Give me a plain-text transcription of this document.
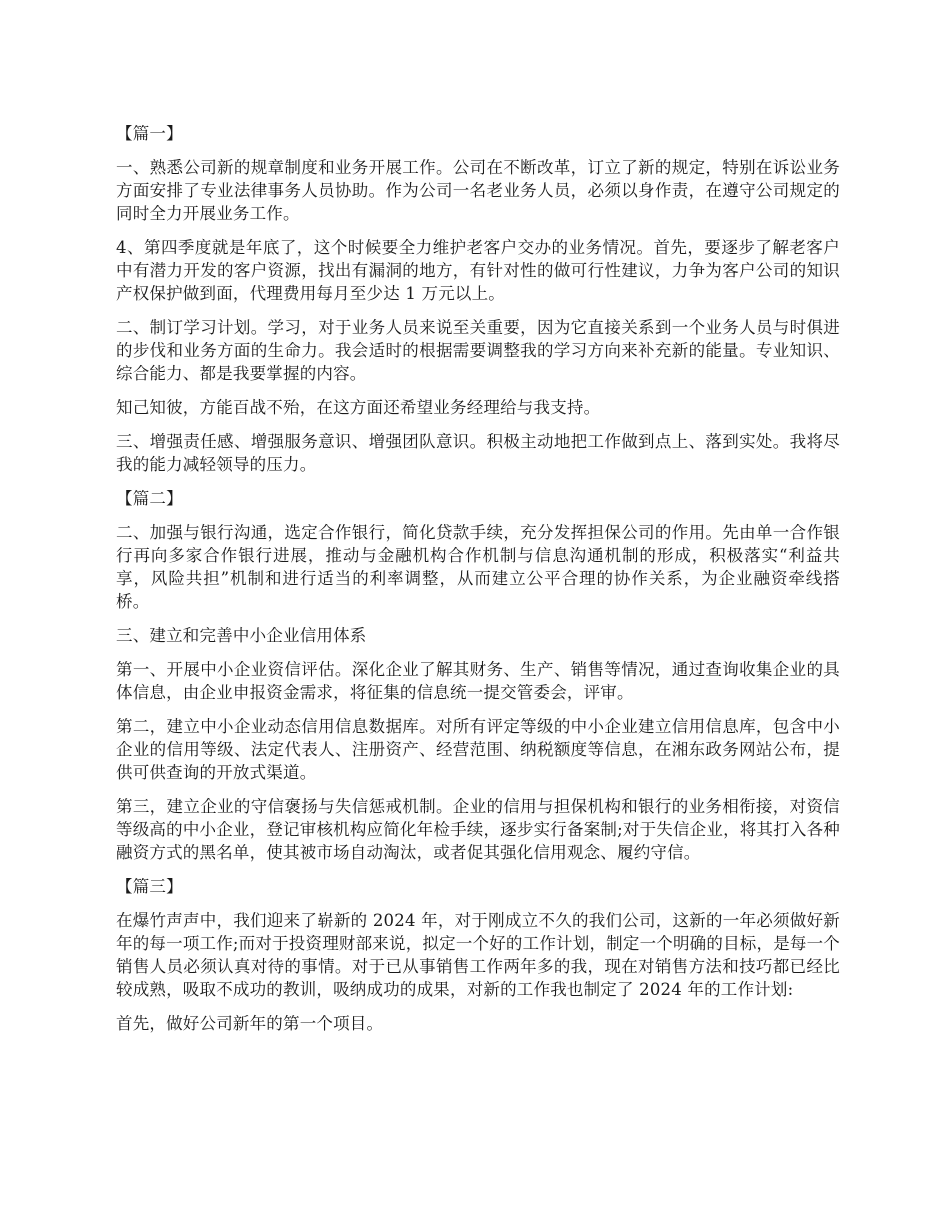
【篇一】

一、熟悉公司新的规章制度和业务开展工作。公司在不断改革，订立了新的规定，特别在诉讼业务方面安排了专业法律事务人员协助。作为公司一名老业务人员，必须以身作责，在遵守公司规定的同时全力开展业务工作。

4、第四季度就是年底了，这个时候要全力维护老客户交办的业务情况。首先，要逐步了解老客户中有潜力开发的客户资源，找出有漏洞的地方，有针对性的做可行性建议，力争为客户公司的知识产权保护做到面，代理费用每月至少达 1 万元以上。

二、制订学习计划。学习，对于业务人员来说至关重要，因为它直接关系到一个业务人员与时俱进的步伐和业务方面的生命力。我会适时的根据需要调整我的学习方向来补充新的能量。专业知识、综合能力、都是我要掌握的内容。

知己知彼，方能百战不殆，在这方面还希望业务经理给与我支持。

三、增强责任感、增强服务意识、增强团队意识。积极主动地把工作做到点上、落到实处。我将尽我的能力减轻领导的压力。

【篇二】

二、加强与银行沟通，选定合作银行，简化贷款手续，充分发挥担保公司的作用。先由单一合作银行再向多家合作银行进展，推动与金融机构合作机制与信息沟通机制的形成，积极落实“利益共享，风险共担”机制和进行适当的利率调整，从而建立公平合理的协作关系，为企业融资牵线搭桥。

三、建立和完善中小企业信用体系

第一、开展中小企业资信评估。深化企业了解其财务、生产、销售等情况，通过查询收集企业的具体信息，由企业申报资金需求，将征集的信息统一提交管委会，评审。

第二，建立中小企业动态信用信息数据库。对所有评定等级的中小企业建立信用信息库，包含中小企业的信用等级、法定代表人、注册资产、经营范围、纳税额度等信息，在湘东政务网站公布，提供可供查询的开放式渠道。

第三，建立企业的守信褒扬与失信惩戒机制。企业的信用与担保机构和银行的业务相衔接，对资信等级高的中小企业，登记审核机构应简化年检手续，逐步实行备案制;对于失信企业，将其打入各种融资方式的黑名单，使其被市场自动淘汰，或者促其强化信用观念、履约守信。

【篇三】

在爆竹声声中，我们迎来了崭新的 2024 年，对于刚成立不久的我们公司，这新的一年必须做好新年的每一项工作;而对于投资理财部来说，拟定一个好的工作计划，制定一个明确的目标，是每一个销售人员必须认真对待的事情。对于已从事销售工作两年多的我，现在对销售方法和技巧都已经比较成熟，吸取不成功的教训，吸纳成功的成果，对新的工作我也制定了 2024 年的工作计划:

首先，做好公司新年的第一个项目。
